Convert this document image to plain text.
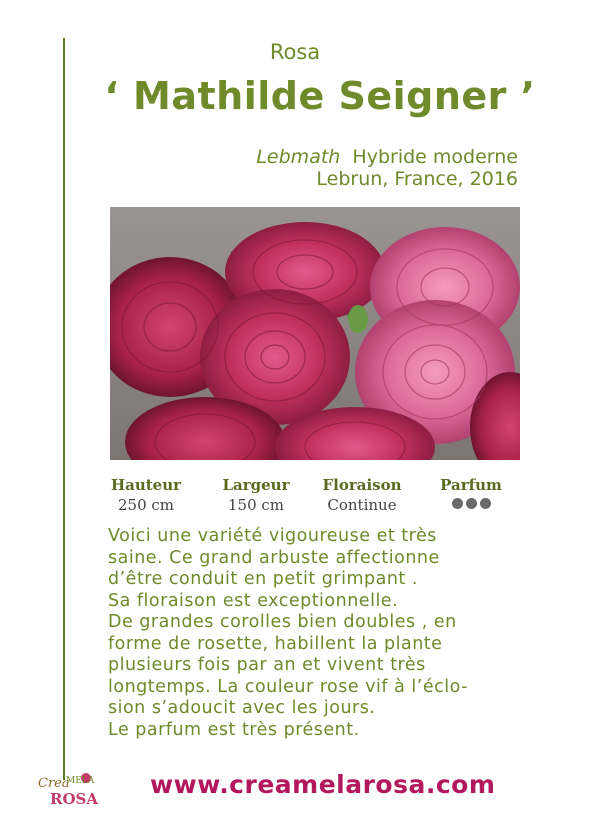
Rosa
‘ Mathilde Seigner ’
Lebmath Hybride moderne
Lebrun, France, 2016
Hauteur
250 cm
Largeur
150 cm
Floraison
Continue
Parfum
Voici une variété vigoureuse et très
saine. Ce grand arbuste affectionne
d’être conduit en petit grimpant .
Sa floraison est exceptionnelle.
De grandes corolles bien doubles , en
forme de rosette, habillent la plante
plusieurs fois par an et vivent très
longtemps. La couleur rose vif à l’éclo-
sion s’adoucit avec les jours.
Le parfum est très présent.
Crea
MELA
ROSA www.creamelarosa.com
